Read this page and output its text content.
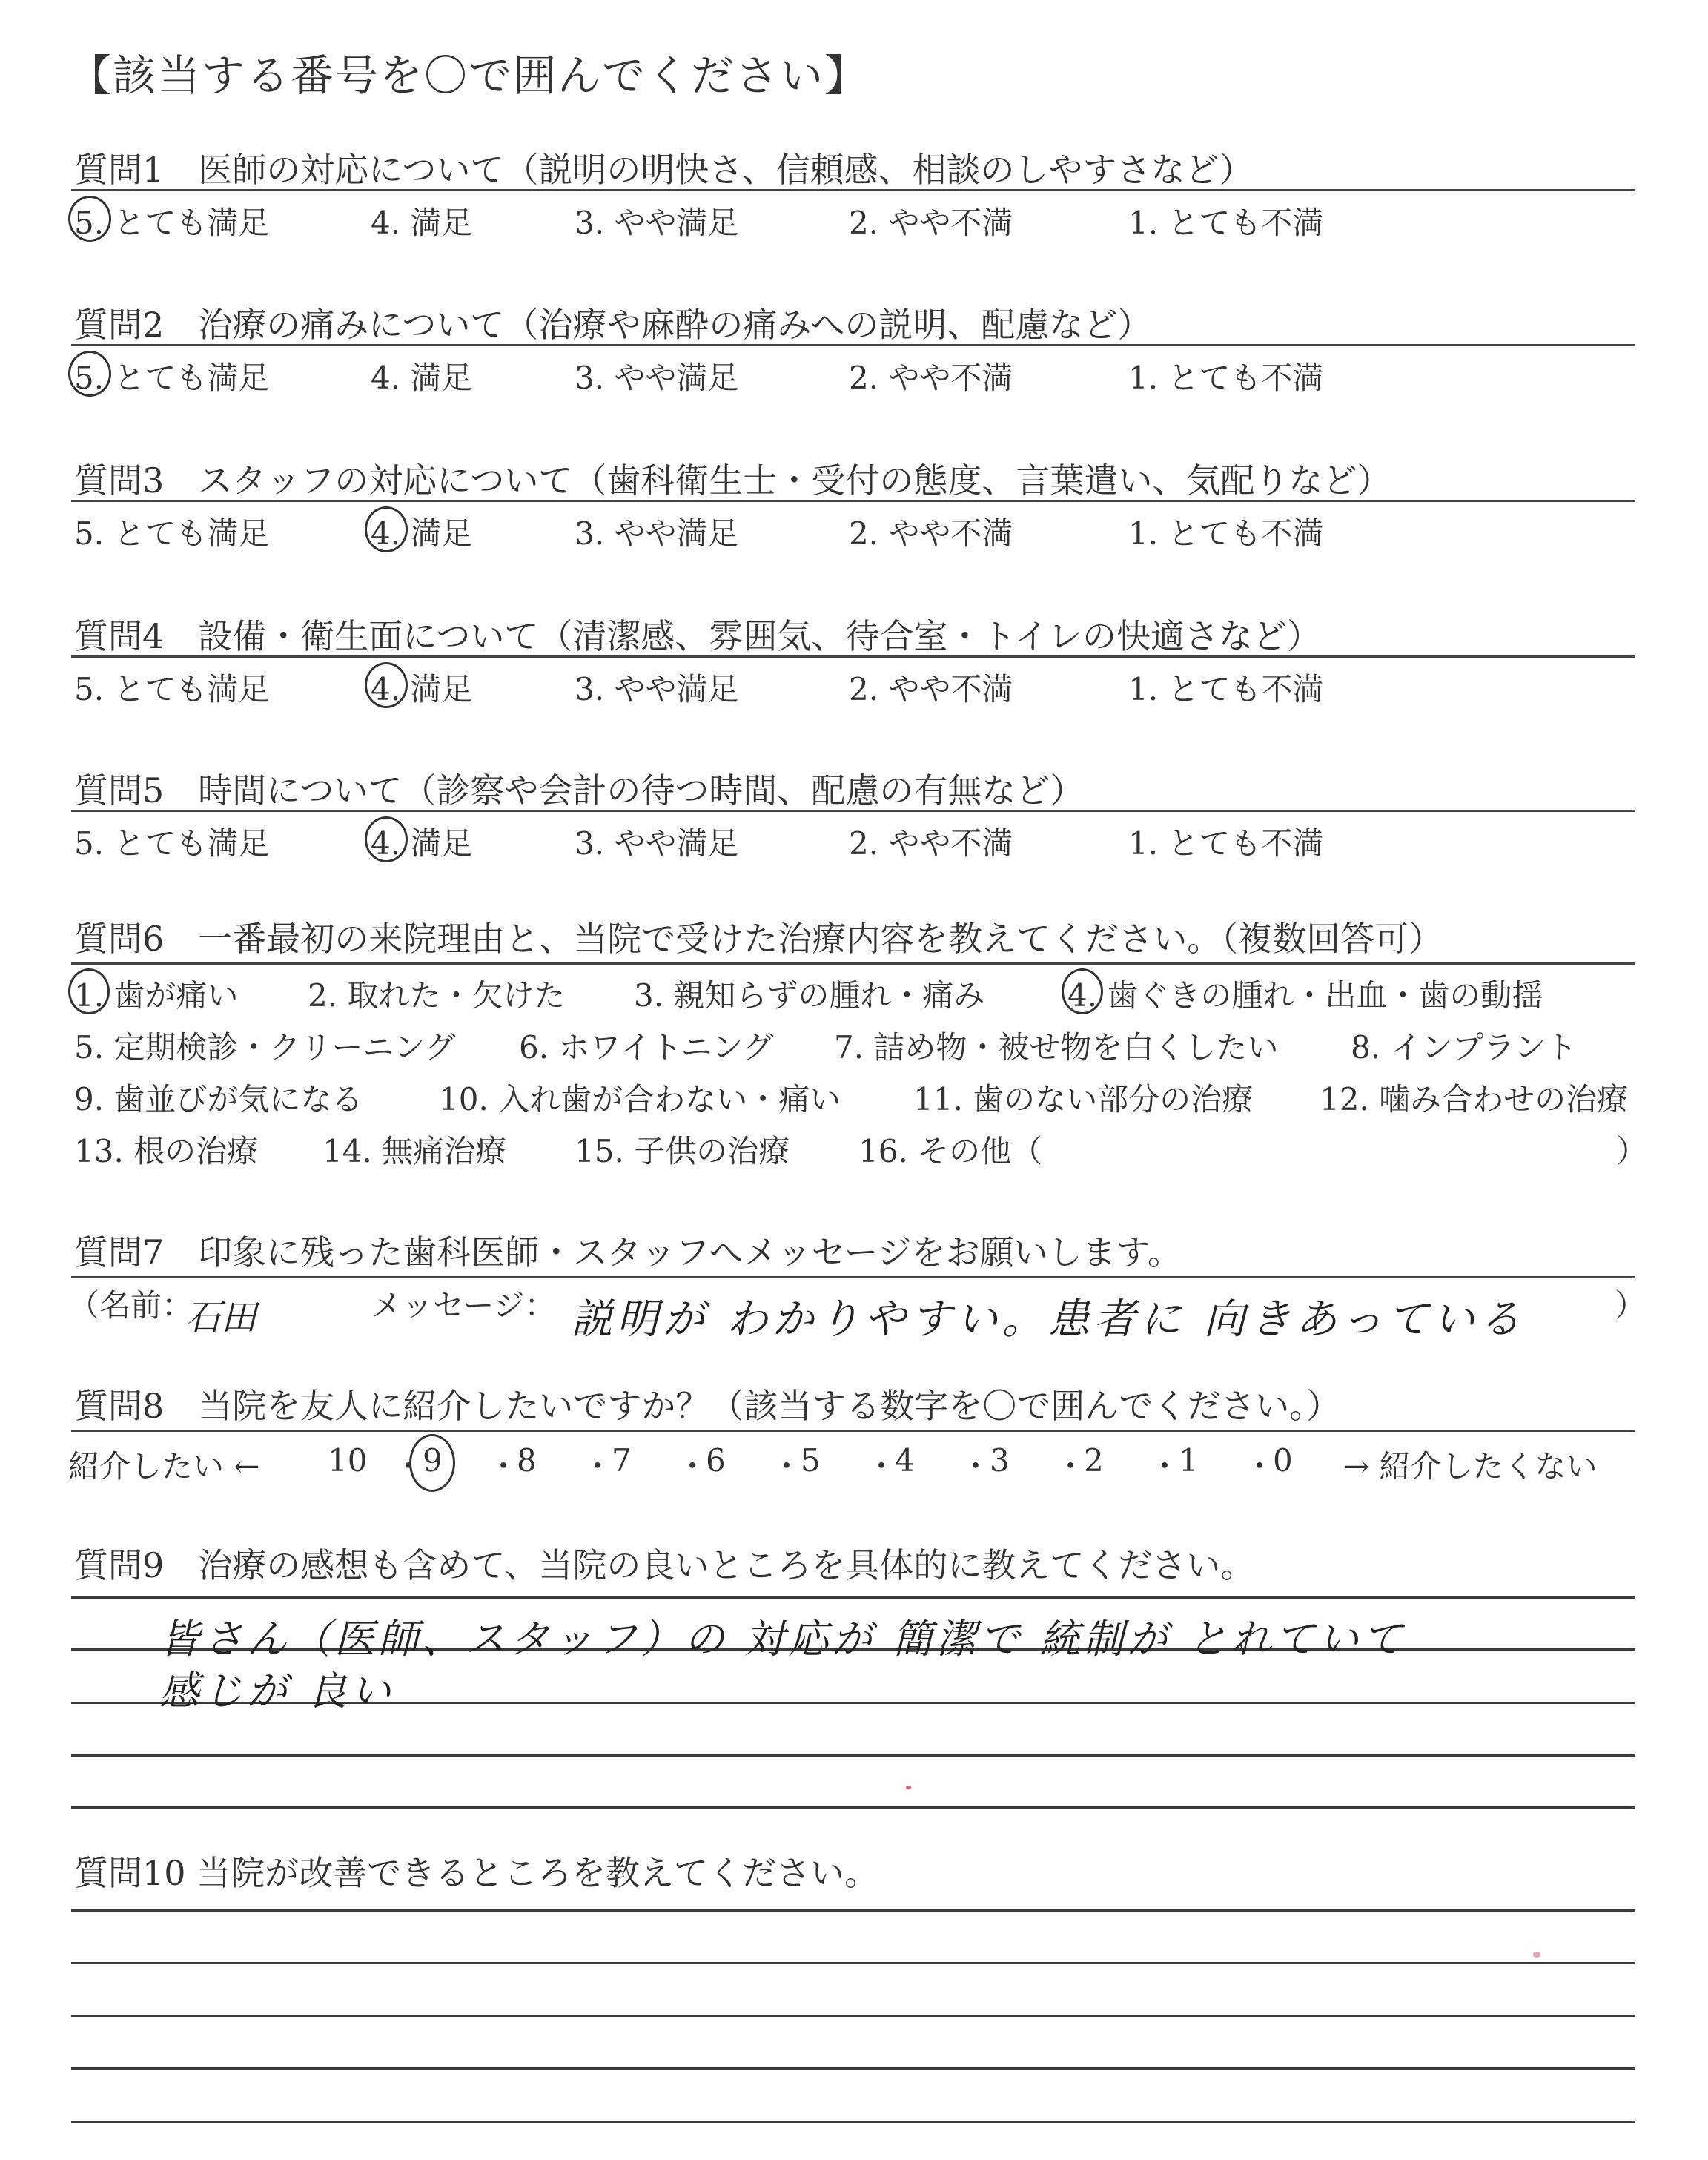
【該当する番号を〇で囲んでください】
質問1　医師の対応について（説明の明快さ、信頼感、相談のしやすさなど）
5. とても満足	4. 満足	3. やや満足	2. やや不満	1. とても不満
質問2　治療の痛みについて（治療や麻酔の痛みへの説明、配慮など）
5. とても満足	4. 満足	3. やや満足	2. やや不満	1. とても不満
質問3　スタッフの対応について（歯科衛生士・受付の態度、言葉遣い、気配りなど）
5. とても満足	4. 満足	3. やや満足	2. やや不満	1. とても不満
質問4　設備・衛生面について（清潔感、雰囲気、待合室・トイレの快適さなど）
5. とても満足	4. 満足	3. やや満足	2. やや不満	1. とても不満
質問5　時間について（診察や会計の待つ時間、配慮の有無など）
5. とても満足	4. 満足	3. やや満足	2. やや不満	1. とても不満
質問6　一番最初の来院理由と、当院で受けた治療内容を教えてください。（複数回答可）
1. 歯が痛い 2. 取れた・欠けた 3. 親知らずの腫れ・痛み	4. 歯ぐきの腫れ・出血・歯の動揺
5. 定期検診・クリーニング 6. ホワイトニング 7. 詰め物・被せ物を白くしたい 8. インプラント
9. 歯並びが気になる 10. 入れ歯が合わない・痛い 11. 歯のない部分の治療 12. 噛み合わせの治療
13. 根の治療 14. 無痛治療 15. 子供の治療 16. その他（	）
質問7　印象に残った歯科医師・スタッフへメッセージをお願いします。
（名前：
石田	メッセージ： 説明が わかりやすい。患者に 向きあっている	）
質問8　当院を友人に紹介したいですか？（該当する数字を〇で囲んでください。）
紹介したい ← 10 ・
9 ・
8 ・
7 ・
6 ・
5 ・
4 ・
3 ・
2 ・
1 ・
0 → 紹介したくない
質問9　治療の感想も含めて、当院の良いところを具体的に教えてください。
皆さん（医師、スタッフ）の 対応が 簡潔で 統制が とれていて
感じが 良い
質問10 当院が改善できるところを教えてください。
